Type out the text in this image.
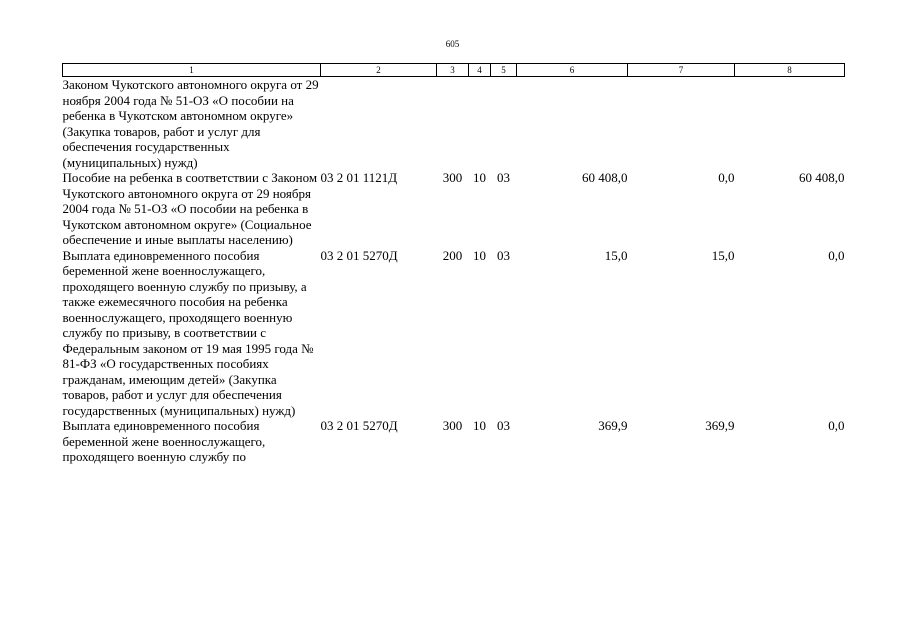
605
1	2	3	4	5	6	7	8
Законом Чукотского автономного округа от 29 ноября 2004 года № 51-ОЗ «О пособии на ребенка в Чукотском автономном округе» (Закупка товаров, работ и услуг для обеспечения государственных (муниципальных) нужд)							
Пособие на ребенка в соответствии с Законом Чукотского автономного округа от 29 ноября 2004 года № 51-ОЗ «О пособии на ребенка в Чукотском автономном округе» (Социальное обеспечение и иные выплаты населению)	03 2 01 1121Д	300	10	03	60 408,0	0,0	60 408,0
Выплата единовременного пособия беременной жене военнослужащего, проходящего военную службу по призыву, а также ежемесячного пособия на ребенка военнослужащего, проходящего военную службу по призыву, в соответствии с Федеральным законом от 19 мая 1995 года № 81-ФЗ «О государственных пособиях гражданам, имеющим детей» (Закупка товаров, работ и услуг для обеспечения государственных (муниципальных) нужд)	03 2 01 5270Д	200	10	03	15,0	15,0	0,0
Выплата единовременного пособия беременной жене военнослужащего, проходящего военную службу по	03 2 01 5270Д	300	10	03	369,9	369,9	0,0
